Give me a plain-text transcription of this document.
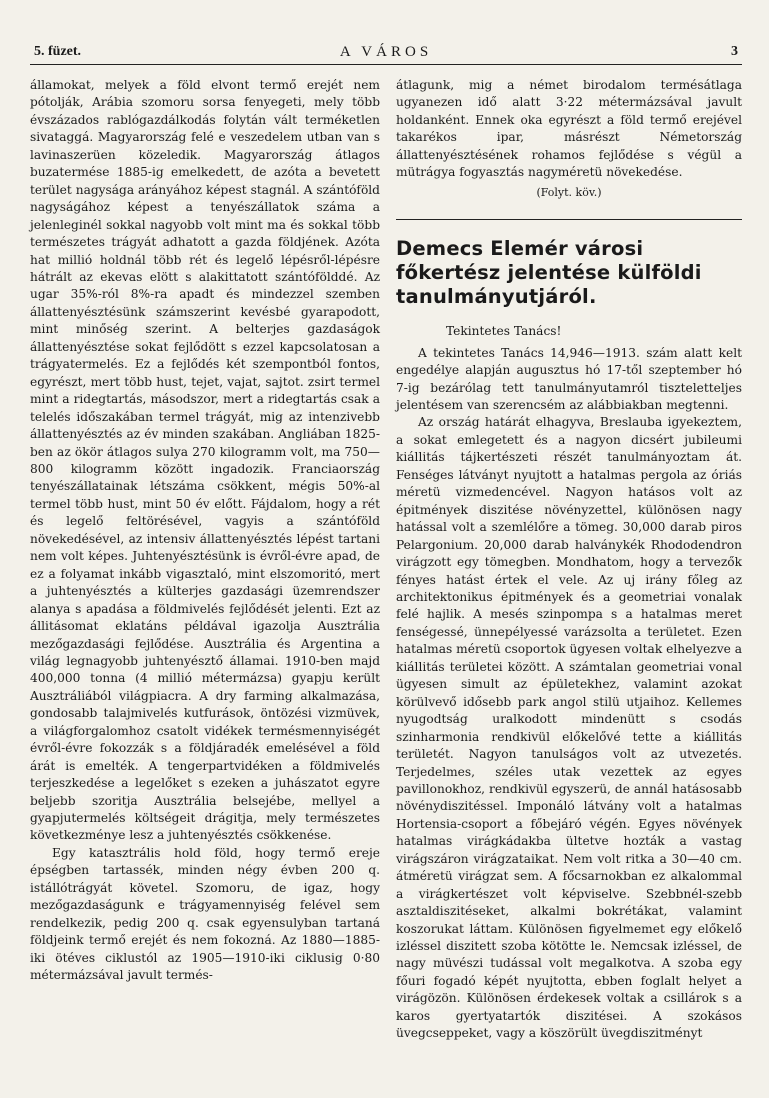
5. füzet.	A VÁROS	3

államokat, melyek a föld elvont termő erejét nem pótolják, Arábia szomoru sorsa fenyegeti, mely több évszázados rablógazdálkodás folytán vált terméketlen sivataggá. Magyarország felé e veszedelem utban van s lavinaszerüen közeledik. Magyarország átlagos buzatermése 1885-ig emelkedett, de azóta a bevetett terület nagysága arányához képest stagnál. A szántóföld nagyságához képest a tenyészállatok száma a jelenleginél sokkal nagyobb volt mint ma és sokkal több természetes trágyát adhatott a gazda földjének. Azóta hat millió holdnál több rét és legelő lépésről-lépésre hátrált az ekevas elött s alakittatott szántófölddé. Az ugar 35%-ról 8%-ra apadt és mindezzel szemben állattenyésztésünk számszerint kevésbé gyarapodott, mint minőség szerint. A belterjes gazdaságok állattenyésztése sokat fejlődött s ezzel kapcsolatosan a trágyatermelés. Ez a fejlődés két szempontból fontos, egyrészt, mert több hust, tejet, vajat, sajtot. zsirt termel mint a ridegtartás, másodszor, mert a ridegtartás csak a telelés időszakában termel trágyát, mig az intenzivebb állattenyésztés az év minden szakában. Angliában 1825-ben az ökör átlagos sulya 270 kilogramm volt, ma 750—800 kilogramm között ingadozik. Franciaország tenyészállatainak létszáma csökkent, mégis 50%-al termel több hust, mint 50 év előtt. Fájdalom, hogy a rét és legelő feltörésével, vagyis a szántóföld növekedésével, az intensiv állattenyésztés lépést tartani nem volt képes. Juhtenyésztésünk is évről-évre apad, de ez a folyamat inkább vigasztaló, mint elszomoritó, mert a juhtenyésztés a külterjes gazdasági üzemrendszer alanya s apadása a földmivelés fejlődését jelenti. Ezt az állitásomat eklatáns példával igazolja Ausztrália mezőgazdasági fejlődése. Ausztrália és Argentina a világ legnagyobb juhtenyésztő államai. 1910-ben majd 400,000 tonna (4 millió métermázsa) gyapju került Ausztráliából világpiacra. A dry farming alkalmazása, gondosabb talajmivelés kutfurások, öntözési vizmüvek, a világforgalomhoz csatolt vidékek termésmennyiségét évről-évre fokozzák s a földjáradék emelésével a föld árát is emelték. A tengerpartvidéken a földmivelés terjeszkedése a legelőket s ezeken a juhászatot egyre beljebb szoritja Ausztrália belsejébe, mellyel a gyapjutermelés költségeit drágitja, mely természetes következménye lesz a juhtenyésztés csökkenése.

Egy katasztrális hold föld, hogy termő ereje épségben tartassék, minden négy évben 200 q. istállótrágyát követel. Szomoru, de igaz, hogy mezőgazdaságunk e trágyamennyiség felével sem rendelkezik, pedig 200 q. csak egyensulyban tartaná földjeink termő erejét és nem fokozná. Az 1880—1885-iki ötéves ciklustól az 1905—1910-iki ciklusig 0·80 métermázsával javult termés-

átlagunk, mig a német birodalom termésátlaga ugyanezen idő alatt 3·22 métermázsával javult holdanként. Ennek oka egyrészt a föld termő erejével takarékos ipar, másrészt Németország állattenyésztésének rohamos fejlődése s végül a mütrágya fogyasztás nagyméretü növekedése.

(Folyt. köv.)

Demecs Elemér városi főkertész jelentése külföldi tanulmányutjáról.

Tekintetes Tanács!

A tekintetes Tanács 14,946—1913. szám alatt kelt engedélye alapján augusztus hó 17-től szeptember hó 7-ig bezárólag tett tanulmányutamról tiszteletteljes jelentésem van szerencsém az alábbiakban megtenni.

Az ország határát elhagyva, Breslauba igyekeztem, a sokat emlegetett és a nagyon dicsért jubileumi kiállitás tájkertészeti részét tanulmányoztam át. Fenséges látványt nyujtott a hatalmas pergola az óriás méretü vizmedencével. Nagyon hatásos volt az épitmények diszitése növényzettel, különösen nagy hatással volt a szemlélőre a tömeg. 30,000 darab piros Pelargonium. 20,000 darab halványkék Rhododendron virágzott egy tömegben. Mondhatom, hogy a tervezők fényes hatást értek el vele. Az uj irány főleg az architektonikus épitmények és a geometriai vonalak felé hajlik. A mesés szinpompa s a hatalmas meret fenségessé, ünnepélyessé varázsolta a területet. Ezen hatalmas méretü csoportok ügyesen voltak elhelyezve a kiállitás területei között. A számtalan geometriai vonal ügyesen simult az épületekhez, valamint azokat körülvevő idősebb park angol stilü utjaihoz. Kellemes nyugodtság uralkodott mindenütt s csodás szinharmonia rendkivül előkelővé tette a kiállitás területét. Nagyon tanulságos volt az utvezetés. Terjedelmes, széles utak vezettek az egyes pavillonokhoz, rendkivül egyszerü, de annál hatásosabb növénydiszitéssel. Imponáló látvány volt a hatalmas Hortensia-csoport a főbejáró végén. Egyes növények hatalmas virágkádakba ültetve hozták a vastag virágszáron virágzataikat. Nem volt ritka a 30—40 cm. átméretü virágzat sem. A főcsarnokban ez alkalommal a virágkertészet volt képviselve. Szebbnél-szebb asztaldiszitéseket, alkalmi bokrétákat, valamint koszorukat láttam. Különösen figyelmemet egy előkelő izléssel diszitett szoba kötötte le. Nemcsak izléssel, de nagy müvészi tudással volt megalkotva. A szoba egy főuri fogadó képét nyujtotta, ebben foglalt helyet a virágözön. Különösen érdekesek voltak a csillárok s a karos gyertyatartók diszitései. A szokásos üvegcseppeket, vagy a köszörült üvegdiszitményt
